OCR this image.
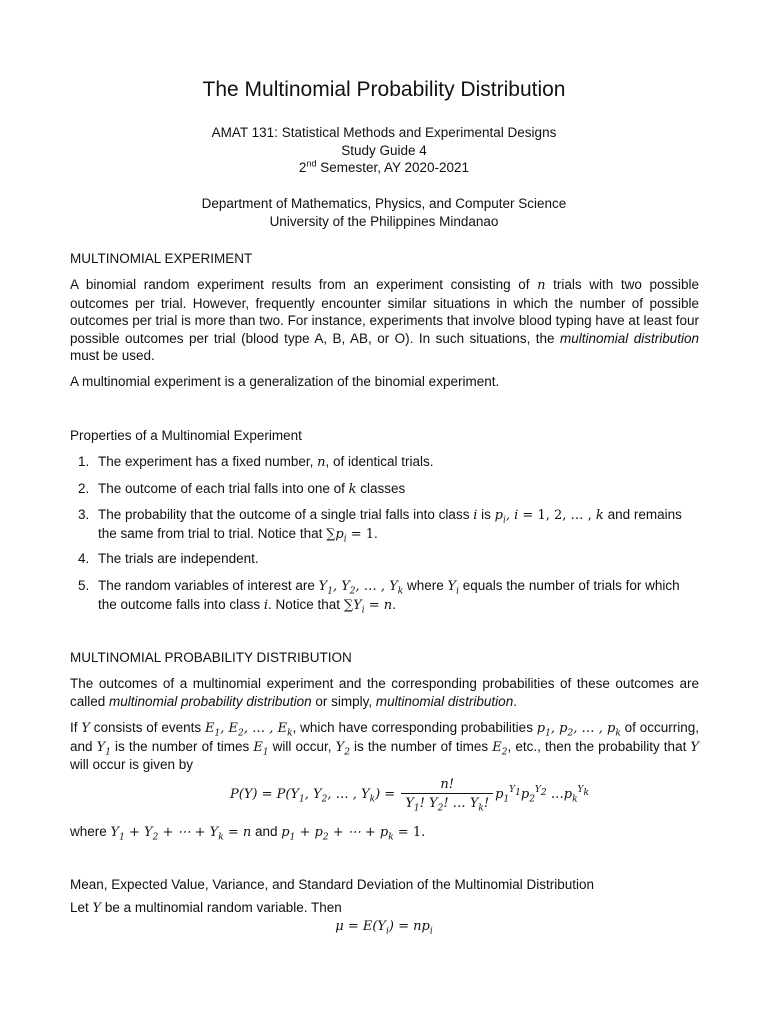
The Multinomial Probability Distribution
AMAT 131: Statistical Methods and Experimental Designs
Study Guide 4
2nd Semester, AY 2020-2021
Department of Mathematics, Physics, and Computer Science
University of the Philippines Mindanao
MULTINOMIAL EXPERIMENT
A binomial random experiment results from an experiment consisting of n trials with two possible outcomes per trial. However, frequently encounter similar situations in which the number of possible outcomes per trial is more than two. For instance, experiments that involve blood typing have at least four possible outcomes per trial (blood type A, B, AB, or O). In such situations, the multinomial distribution must be used.
A multinomial experiment is a generalization of the binomial experiment.
Properties of a Multinomial Experiment
1. The experiment has a fixed number, n, of identical trials.
2. The outcome of each trial falls into one of k classes
3. The probability that the outcome of a single trial falls into class i is $p_i$, i = 1, 2, … , k and remains the same from trial to trial. Notice that $\sum p_i = 1$.
4. The trials are independent.
5. The random variables of interest are $Y_1$, $Y_2$, … , $Y_k$ where $Y_i$ equals the number of trials for which the outcome falls into class i. Notice that $\sum Y_i = n$.
MULTINOMIAL PROBABILITY DISTRIBUTION
The outcomes of a multinomial experiment and the corresponding probabilities of these outcomes are called multinomial probability distribution or simply, multinomial distribution.
If Y consists of events $E_1$, $E_2$, … , $E_k$, which have corresponding probabilities $p_1$, $p_2$, … , $p_k$ of occurring, and $Y_1$ is the number of times $E_1$ will occur, $Y_2$ is the number of times $E_2$, etc., then the probability that Y will occur is given by
$P(Y) = P(Y_1$, $Y_2$, … , $Y_k) = \frac{n!}{Y_1! Y_2! \dots Y_k!} p_1^{Y_1}p_2^{Y_2}$ $\dots p_k^{Y_k}$
where $Y_1 + Y_2$ + ⋯ + $Y_k = n$ and $p_1 + p_2$ + ⋯ + $p_k = 1$.
Mean, Expected Value, Variance, and Standard Deviation of the Multinomial Distribution
Let Y be a multinomial random variable. Then
$\mu = E(Y_i) = np_i$
